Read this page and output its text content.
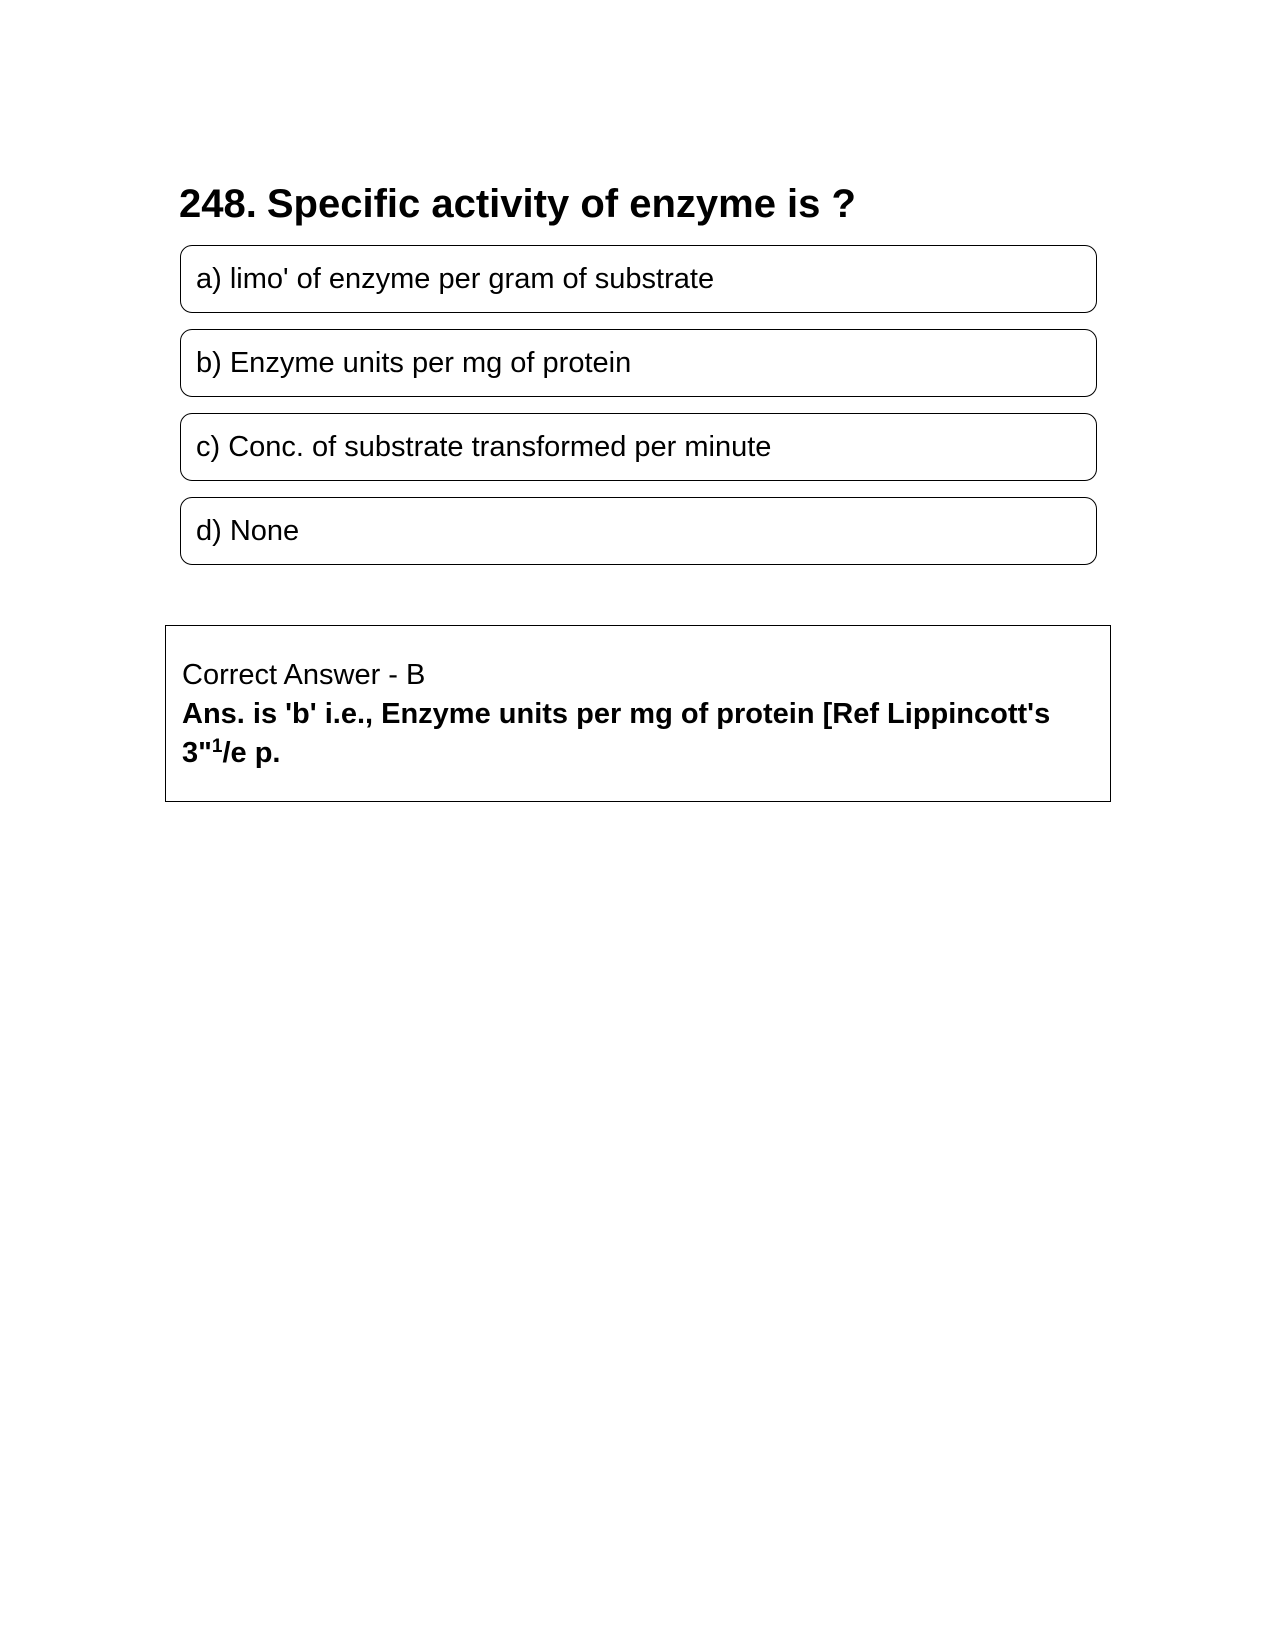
248. Specific activity of enzyme is ?
a) limo' of enzyme per gram of substrate
b) Enzyme units per mg of protein
c) Conc. of substrate transformed per minute
d) None
Correct Answer - B
Ans. is 'b' i.e., Enzyme units per mg of protein [Ref Lippincott's
3"$^1$/e p.
